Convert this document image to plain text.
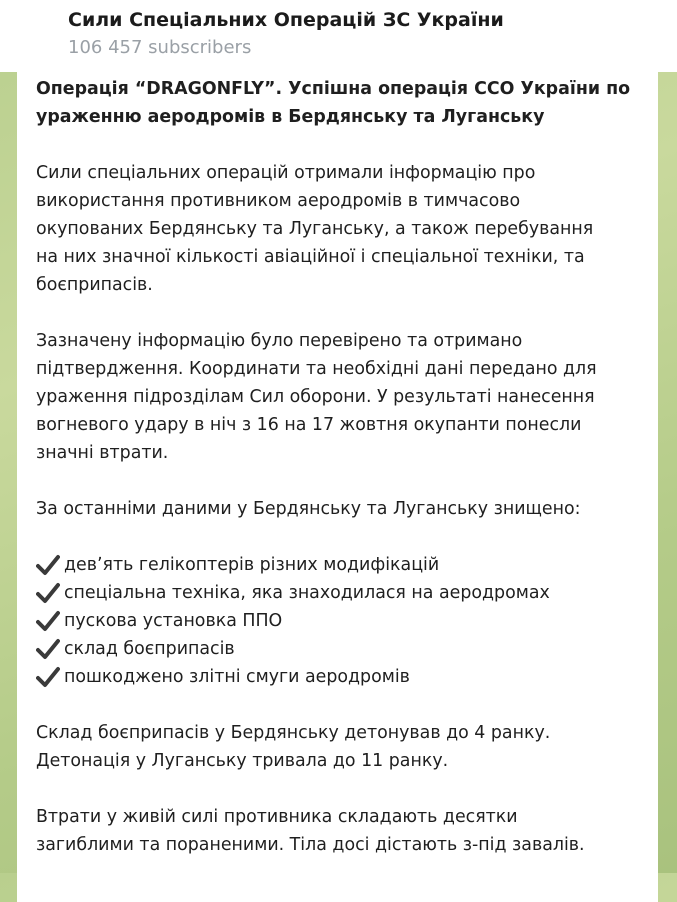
Сили Спеціальних Операцій ЗС України
106 457 subscribers

Операція “DRAGONFLY”. Успішна операція ССО України по
ураженню аеродромів в Бердянську та Луганську

Сили спеціальних операцій отримали інформацію про
використання противником аеродромів в тимчасово
окупованих Бердянську та Луганську, а також перебування
на них значної кількості авіаційної і спеціальної техніки, та
боєприпасів.

Зазначену інформацію було перевірено та отримано
підтвердження. Координати та необхідні дані передано для
ураження підрозділам Сил оборони. У результаті нанесення
вогневого удару в ніч з 16 на 17 жовтня окупанти понесли
значні втрати.

За останніми даними у Бердянську та Луганську знищено:

девʼять гелікоптерів різних модифікацій
спеціальна техніка, яка знаходилася на аеродромах
пускова установка ППО
склад боєприпасів
пошкоджено злітні смуги аеродромів

Склад боєприпасів у Бердянську детонував до 4 ранку.
Детонація у Луганську тривала до 11 ранку.

Втрати у живій силі противника складають десятки
загиблими та пораненими. Тіла досі дістають з-під завалів.
